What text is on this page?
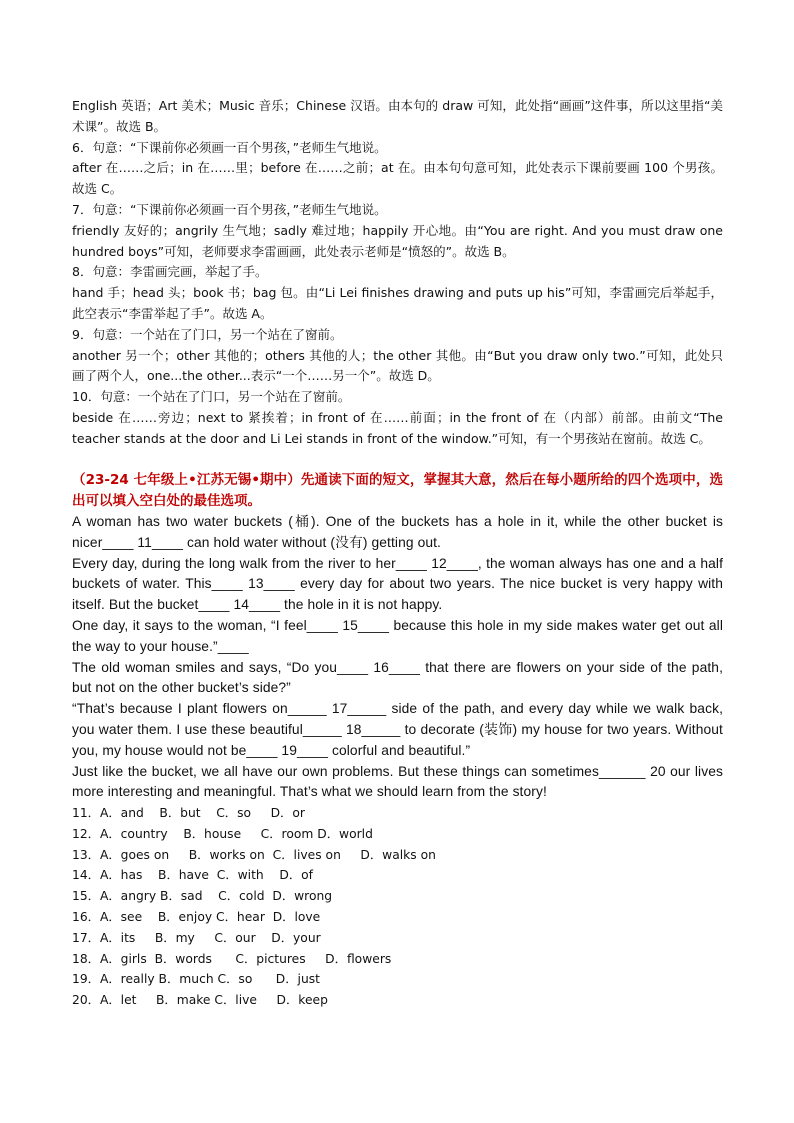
English 英语；Art 美术；Music 音乐；Chinese 汉语。由本句的 draw 可知，此处指“画画”这件事，所以这里指“美术课”。故选 B。

6．句意：“下课前你必须画一百个男孩，”老师生气地说。

after 在……之后；in 在……里；before 在……之前；at 在。由本句句意可知，此处表示下课前要画 100 个男孩。故选 C。

7．句意：“下课前你必须画一百个男孩，”老师生气地说。

friendly 友好的；angrily 生气地；sadly 难过地；happily 开心地。由“You are right. And you must draw one hundred boys”可知，老师要求李雷画画，此处表示老师是“愤怒的”。故选 B。

8．句意：李雷画完画，举起了手。

hand 手；head 头；book 书；bag 包。由“Li Lei finishes drawing and puts up his”可知，李雷画完后举起手，此空表示“李雷举起了手”。故选 A。

9．句意：一个站在了门口，另一个站在了窗前。

another 另一个；other 其他的；others 其他的人；the other 其他。由“But you draw only two.”可知，此处只画了两个人，one...the other...表示“一个……另一个”。故选 D。

10．句意：一个站在了门口，另一个站在了窗前。

beside 在……旁边；next to 紧挨着；in front of 在……前面；in the front of 在（内部）前部。由前文“The teacher stands at the door and Li Lei stands in front of the window.”可知，有一个男孩站在窗前。故选 C。

（23-24 七年级上•江苏无锡•期中）先通读下面的短文，掌握其大意，然后在每小题所给的四个选项中，选出可以填入空白处的最佳选项。

A woman has two water buckets (桶). One of the buckets has a hole in it, while the other bucket is nicer____ 11____ can hold water without (没有) getting out.

Every day, during the long walk from the river to her____ 12____, the woman always has one and a half buckets of water. This____ 13____ every day for about two years. The nice bucket is very happy with itself. But the bucket____ 14____ the hole in it is not happy.

One day, it says to the woman, “I feel____ 15____ because this hole in my side makes water get out all the way to your house.”____

The old woman smiles and says, “Do you____ 16____ that there are flowers on your side of the path, but not on the other bucket’s side?”

“That’s because I plant flowers on_____ 17_____ side of the path, and every day while we walk back, you water them. I use these beautiful_____ 18_____ to decorate (装饰) my house for two years. Without you, my house would not be____ 19____ colorful and beautiful.”

Just like the bucket, we all have our own problems. But these things can sometimes______ 20 our lives more interesting and meaningful. That’s what we should learn from the story!

11．A．and    B．but    C．so     D．or

12．A．country    B．house     C．room D．world

13．A．goes on     B．works on  C．lives on     D．walks on

14．A．has    B．have  C．with    D．of

15．A．angry B．sad    C．cold  D．wrong

16．A．see    B．enjoy C．hear  D．love

17．A．its     B．my     C．our    D．your

18．A．girls  B．words      C．pictures     D．flowers

19．A．really B．much C．so      D．just

20．A．let     B．make C．live     D．keep
